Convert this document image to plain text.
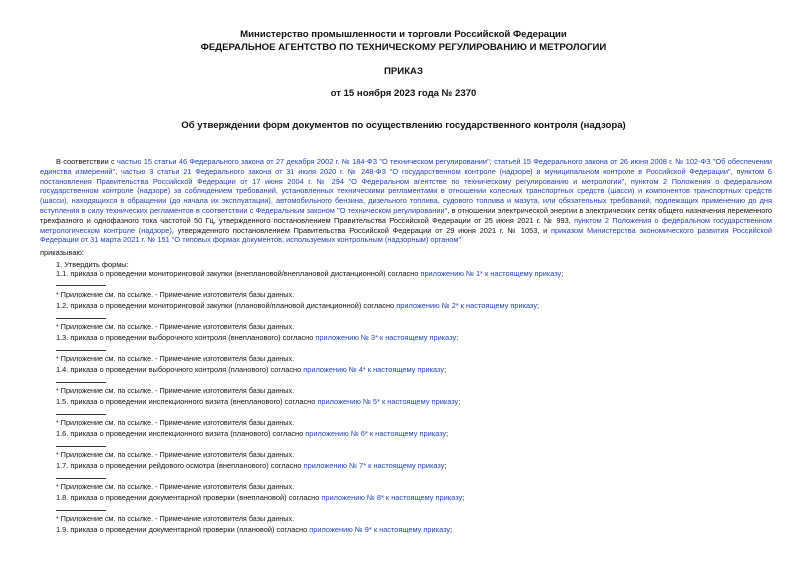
Министерство промышленности и торговли Российской Федерации
ФЕДЕРАЛЬНОЕ АГЕНТСТВО ПО ТЕХНИЧЕСКОМУ РЕГУЛИРОВАНИЮ И МЕТРОЛОГИИ
ПРИКАЗ
от 15 ноября 2023 года № 2370
Об утверждении форм документов по осуществлению государственного контроля (надзора)
В соответствии с частью 15 статьи 46 Федерального закона от 27 декабря 2002 г. № 184-ФЗ "О техническом регулировании", статьей 15 Федерального закона от 26 июня 2008 г. № 102-ФЗ "Об обеспечении единства измерений", частью 3 статьи 21 Федерального закона от 31 июля 2020 г. № 248-ФЗ "О государственном контроле (надзоре) и муниципальном контроле в Российской Федерации", пунктом 6 постановления Правительства Российской Федерации от 17 июня 2004 г. № 294 "О Федеральном агентстве по техническому регулированию и метрологии", пунктом 2 Положения о федеральном государственном контроле (надзоре) за соблюдением требований, установленных техническими регламентами в отношении колесных транспортных средств (шасси) и компонентов транспортных средств (шасси), находящихся в обращении (до начала их эксплуатации), автомобильного бензина, дизельного топлива, судового топлива и мазута, или обязательных требований, подлежащих применению до дня вступления в силу технических регламентов в соответствии с Федеральным законом "О техническом регулировании", в отношении электрической энергии в электрических сетях общего назначения переменного трехфазного и однофазного тока частотой 50 Гц, утвержденного постановлением Правительства Российской Федерации от 25 июня 2021 г. № 993, пунктом 2 Положения о федеральном государственном метрологическом контроле (надзоре), утвержденного постановлением Правительства Российской Федерации от 29 июня 2021 г. № 1053, и приказом Министерства экономического развития Российской Федерации от 31 марта 2021 г. № 151 "О типовых формах документов, используемых контрольным (надзорным) органом"
приказываю:
1. Утвердить формы:
1.1. приказа о проведении мониторинговой закупки (внеплановой/внеплановой дистанционной) согласно приложению № 1* к настоящему приказу;
* Приложение см. по ссылке. - Примечание изготовителя базы данных.
1.2. приказа о проведении мониторинговой закупки (плановой/плановой дистанционной) согласно приложению № 2* к настоящему приказу;
* Приложение см. по ссылке. - Примечание изготовителя базы данных.
1.3. приказа о проведении выборочного контроля (внепланового) согласно приложению № 3* к настоящему приказу;
* Приложение см. по ссылке. - Примечание изготовителя базы данных.
1.4. приказа о проведении выборочного контроля (планового) согласно приложению № 4* к настоящему приказу;
* Приложение см. по ссылке. - Примечание изготовителя базы данных.
1.5. приказа о проведении инспекционного визита (внепланового) согласно приложению № 5* к настоящему приказу;
* Приложение см. по ссылке. - Примечание изготовителя базы данных.
1.6. приказа о проведении инспекционного визита (планового) согласно приложению № 6* к настоящему приказу;
* Приложение см. по ссылке. - Примечание изготовителя базы данных.
1.7. приказа о проведении рейдового осмотра (внепланового) согласно приложению № 7* к настоящему приказу;
* Приложение см. по ссылке. - Примечание изготовителя базы данных.
1.8. приказа о проведении документарной проверки (внеплановой) согласно приложению № 8* к настоящему приказу;
* Приложение см. по ссылке. - Примечание изготовителя базы данных.
1.9. приказа о проведении документарной проверки (плановой) согласно приложению № 9* к настоящему приказу;
